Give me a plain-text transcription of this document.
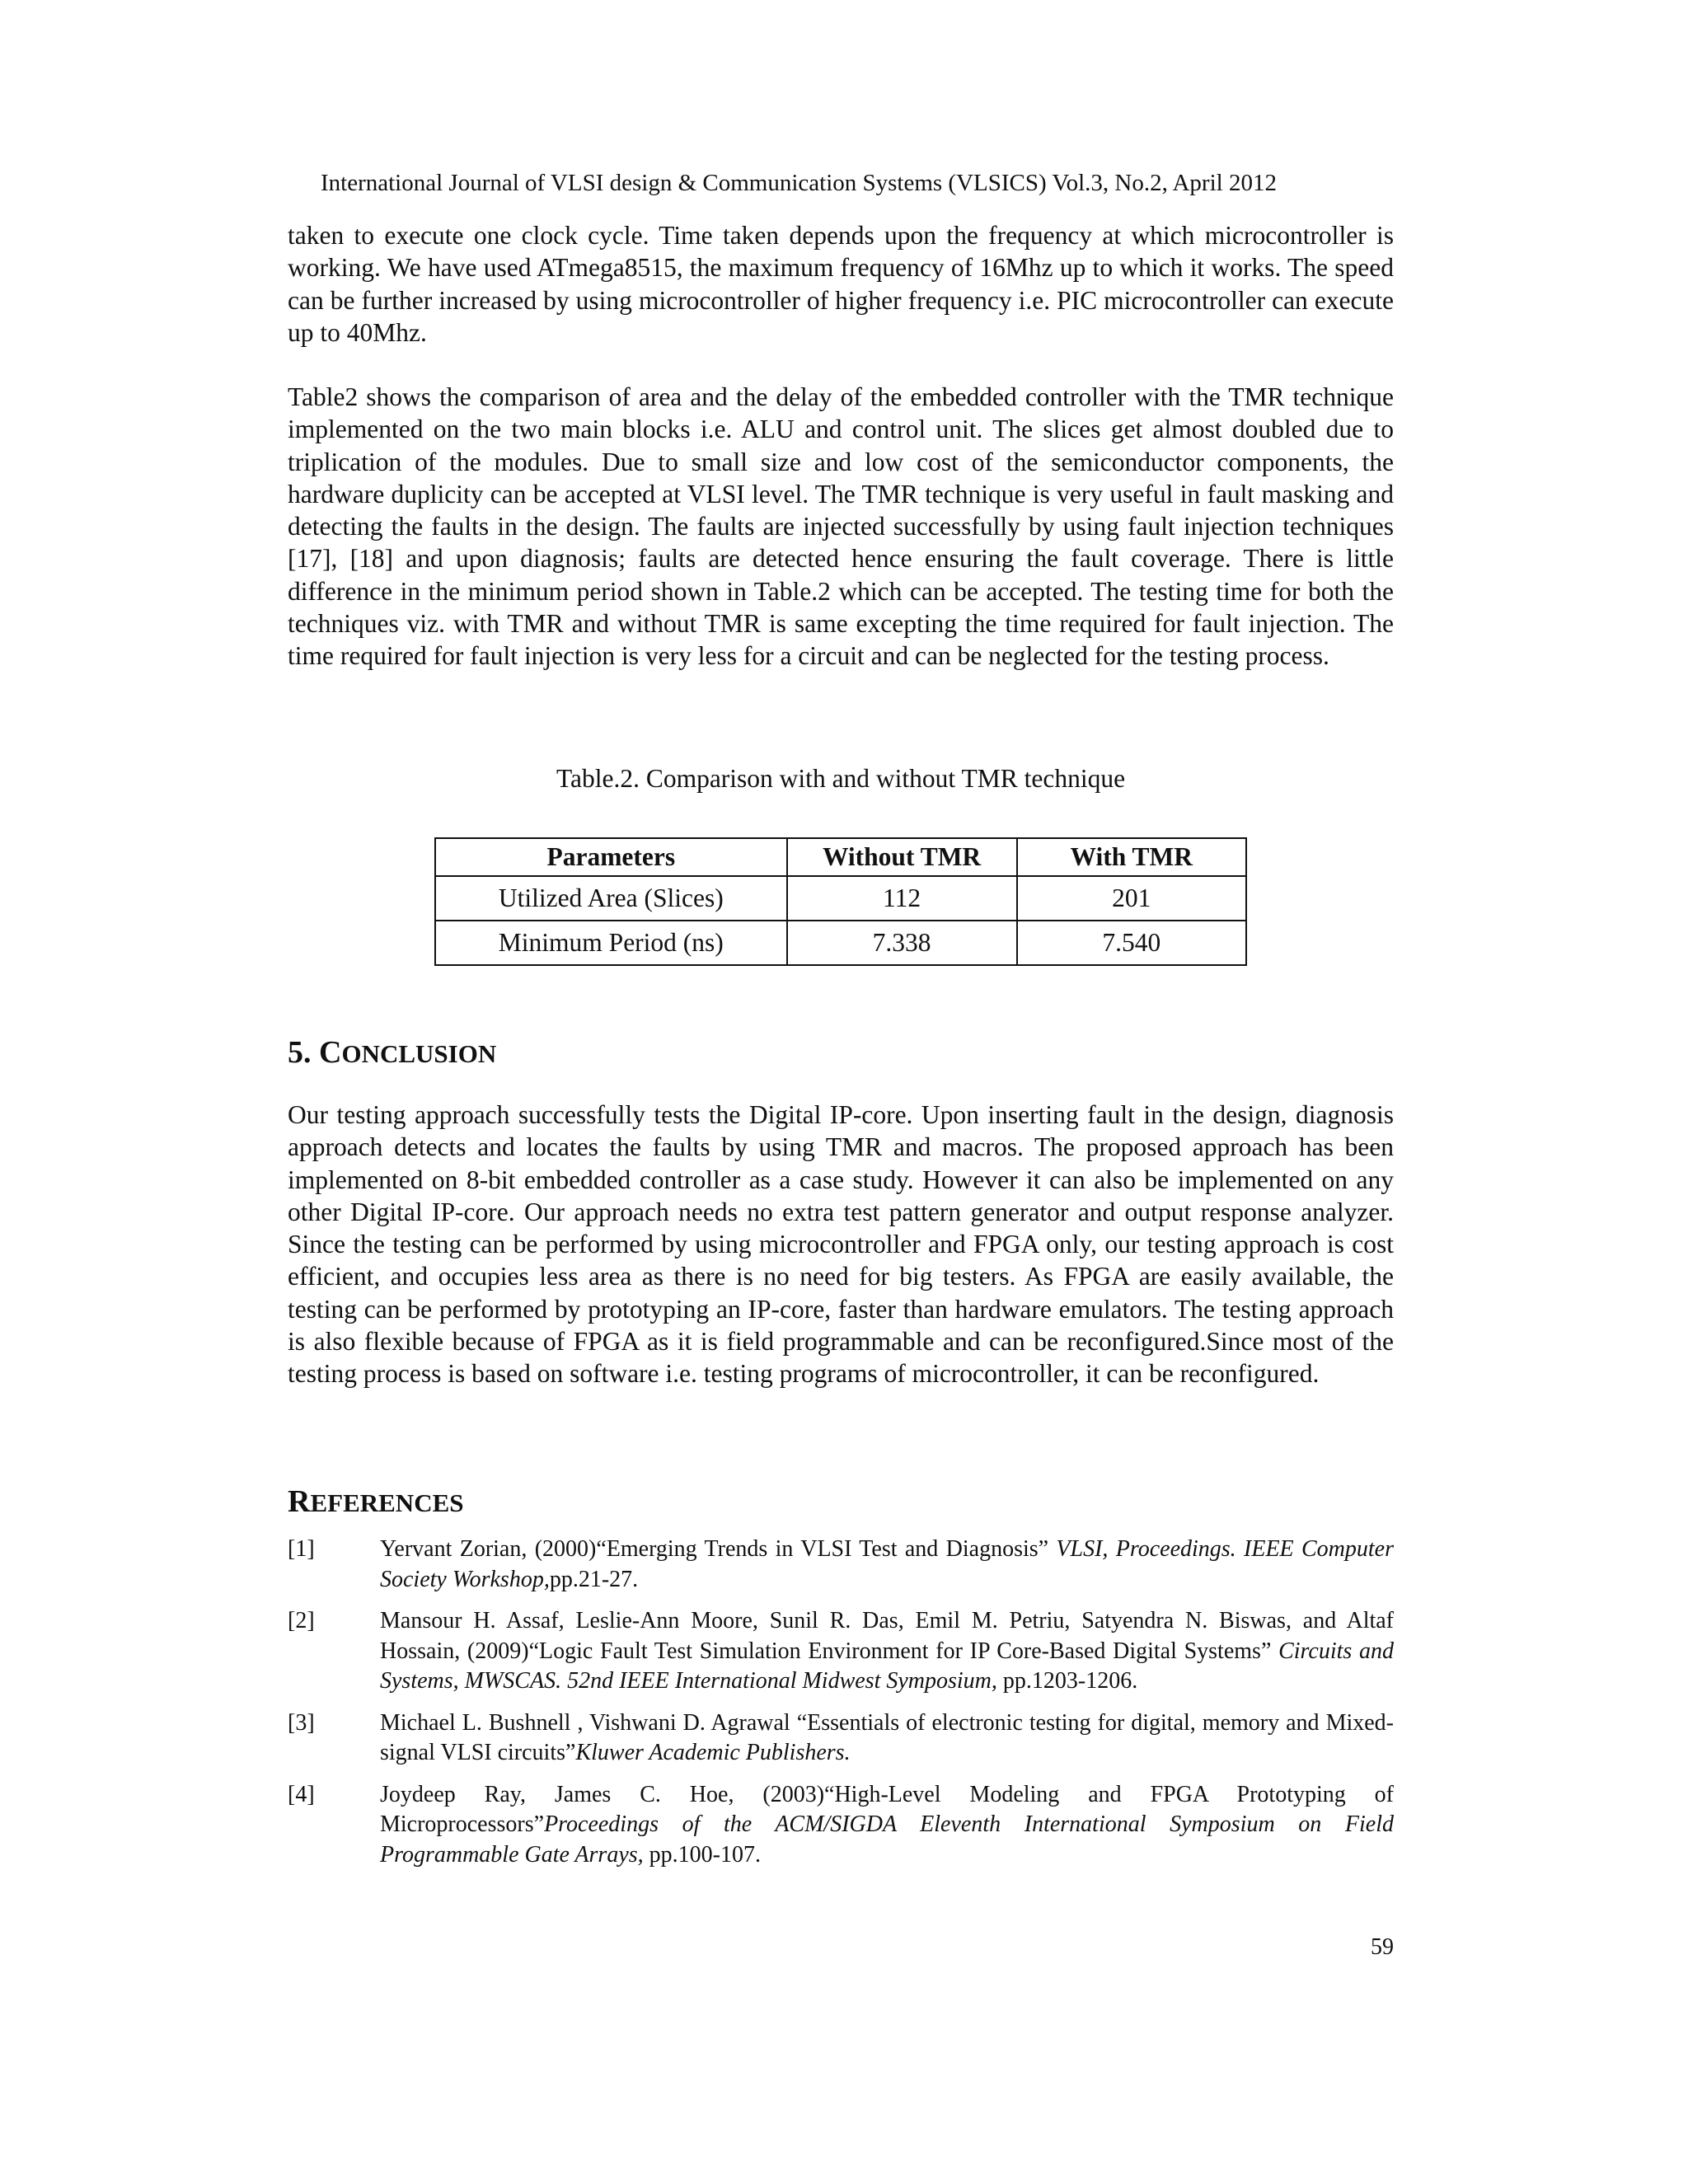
International Journal of VLSI design & Communication Systems (VLSICS) Vol.3, No.2, April 2012

taken to execute one clock cycle. Time taken depends upon the frequency at which microcontroller is working. We have used ATmega8515, the maximum frequency of 16Mhz up to which it works. The speed can be further increased by using microcontroller of higher frequency i.e. PIC microcontroller can execute up to 40Mhz.

Table2 shows the comparison of area and the delay of the embedded controller with the TMR technique implemented on the two main blocks i.e. ALU and control unit. The slices get almost doubled due to triplication of the modules. Due to small size and low cost of the semiconductor components, the hardware duplicity can be accepted at VLSI level. The TMR technique is very useful in fault masking and detecting the faults in the design. The faults are injected successfully by using fault injection techniques [17], [18] and upon diagnosis; faults are detected hence ensuring the fault coverage. There is little difference in the minimum period shown in Table.2 which can be accepted. The testing time for both the techniques viz. with TMR and without TMR is same excepting the time required for fault injection. The time required for fault injection is very less for a circuit and can be neglected for the testing process.

Table.2. Comparison with and without TMR technique
Parameters	Without TMR	With TMR
Utilized Area (Slices)	112	201
Minimum Period (ns)	7.338	7.540
5. CONCLUSION

Our testing approach successfully tests the Digital IP-core. Upon inserting fault in the design, diagnosis approach detects and locates the faults by using TMR and macros. The proposed approach has been implemented on 8-bit embedded controller as a case study. However it can also be implemented on any other Digital IP-core. Our approach needs no extra test pattern generator and output response analyzer. Since the testing can be performed by using microcontroller and FPGA only, our testing approach is cost efficient, and occupies less area as there is no need for big testers. As FPGA are easily available, the testing can be performed by prototyping an IP-core, faster than hardware emulators. The testing approach is also flexible because of FPGA as it is field programmable and can be reconfigured.Since most of the testing process is based on software i.e. testing programs of microcontroller, it can be reconfigured.

REFERENCES
[1]	Yervant Zorian, (2000)“Emerging Trends in VLSI Test and Diagnosis” VLSI, Proceedings. IEEE Computer Society Workshop,pp.21-27.
[2]	Mansour H. Assaf, Leslie-Ann Moore, Sunil R. Das, Emil M. Petriu, Satyendra N. Biswas, and Altaf Hossain, (2009)“Logic Fault Test Simulation Environment for IP Core-Based Digital Systems” Circuits and Systems, MWSCAS. 52nd IEEE International Midwest Symposium, pp.1203-1206.
[3]	Michael L. Bushnell , Vishwani D. Agrawal “Essentials of electronic testing for digital, memory and Mixed-signal VLSI circuits”Kluwer Academic Publishers.
[4]	Joydeep Ray, James C. Hoe, (2003)“High-Level Modeling and FPGA Prototyping of Microprocessors”Proceedings of the ACM/SIGDA Eleventh International Symposium on Field Programmable Gate Arrays, pp.100-107.
59
